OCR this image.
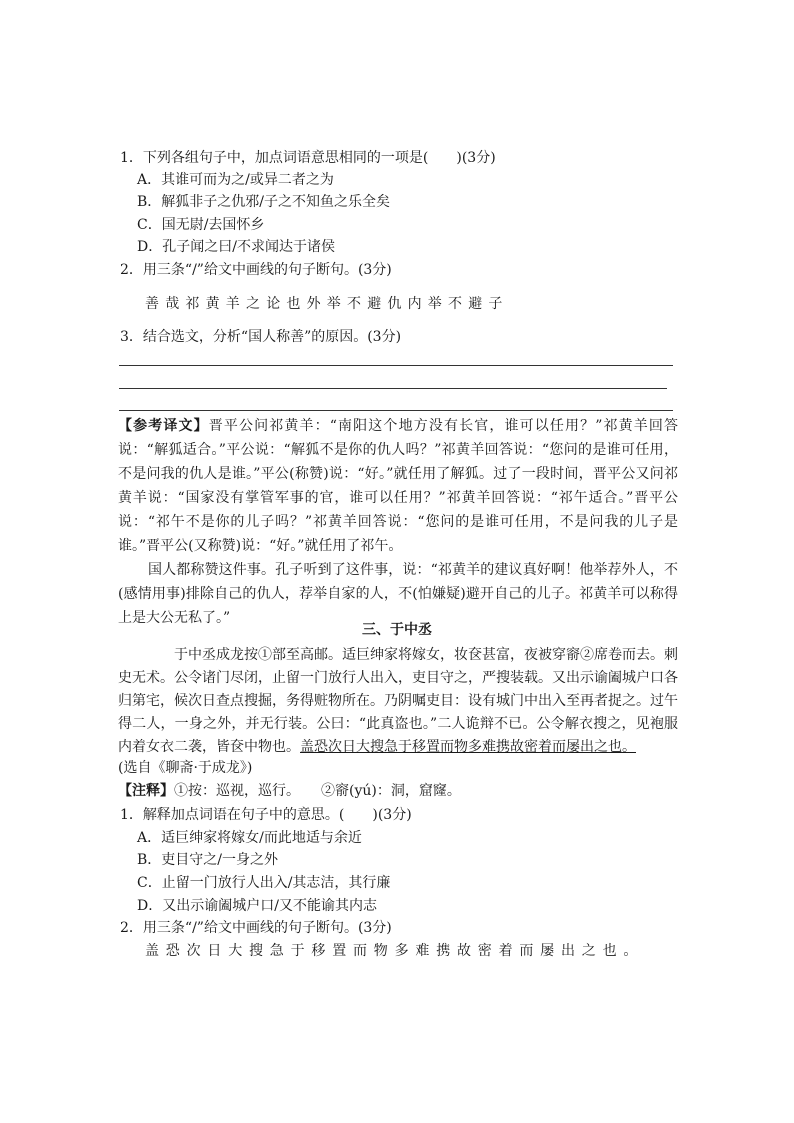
1．下列各组句子中，加点词语意思相同的一项是(　　)(3分)
A．其谁可而为之/或异二者之为
B．解狐非子之仇邪/子之不知鱼之乐全矣
C．国无尉/去国怀乡
D．孔子闻之曰/不求闻达于诸侯
2．用三条“/”给文中画线的句子断句。(3分)
善哉祁黄羊之论也外举不避仇内举不避子
3．结合选文，分析“国人称善”的原因。(3分)
【参考译文】晋平公问祁黄羊：“南阳这个地方没有长官，谁可以任用？”祁黄羊回答说：“解狐适合。”平公说：“解狐不是你的仇人吗？”祁黄羊回答说：“您问的是谁可任用，不是问我的仇人是谁。”平公(称赞)说：“好。”就任用了解狐。过了一段时间，晋平公又问祁黄羊说：“国家没有掌管军事的官，谁可以任用？”祁黄羊回答说：“祁午适合。”晋平公说：“祁午不是你的儿子吗？”祁黄羊回答说：“您问的是谁可任用，不是问我的儿子是谁。”晋平公(又称赞)说：“好。”就任用了祁午。
国人都称赞这件事。孔子听到了这件事，说：“祁黄羊的建议真好啊！他举荐外人，不(感情用事)排除自己的仇人，荐举自家的人，不(怕嫌疑)避开自己的儿子。祁黄羊可以称得上是大公无私了。”
三、于中丞
于中丞成龙按①部至高邮。适巨绅家将嫁女，妆奁甚富，夜被穿窬②席卷而去。刺史无术。公令诸门尽闭，止留一门放行人出入，吏目守之，严搜装载。又出示谕阖城户口各归第宅，候次日查点搜掘，务得赃物所在。乃阴嘱吏目：设有城门中出入至再者捉之。过午得二人，一身之外，并无行装。公曰：“此真盗也。”二人诡辩不已。公令解衣搜之，见袍服内着女衣二袭，皆奁中物也。盖恐次日大搜急于移置而物多难携故密着而屡出之也。
(选自《聊斋·于成龙》)
【注释】①按：巡视，巡行。　　②窬(yú)：洞，窟窿。
1．解释加点词语在句子中的意思。(　　)(3分)
A．适巨绅家将嫁女/而此地适与余近
B．吏目守之/一身之外
C．止留一门放行人出入/其志洁，其行廉
D．又出示谕阖城户口/又不能谕其内志
2．用三条“/”给文中画线的句子断句。(3分)
盖恐次日大搜急于移置而物多难携故密着而屡出之也。
